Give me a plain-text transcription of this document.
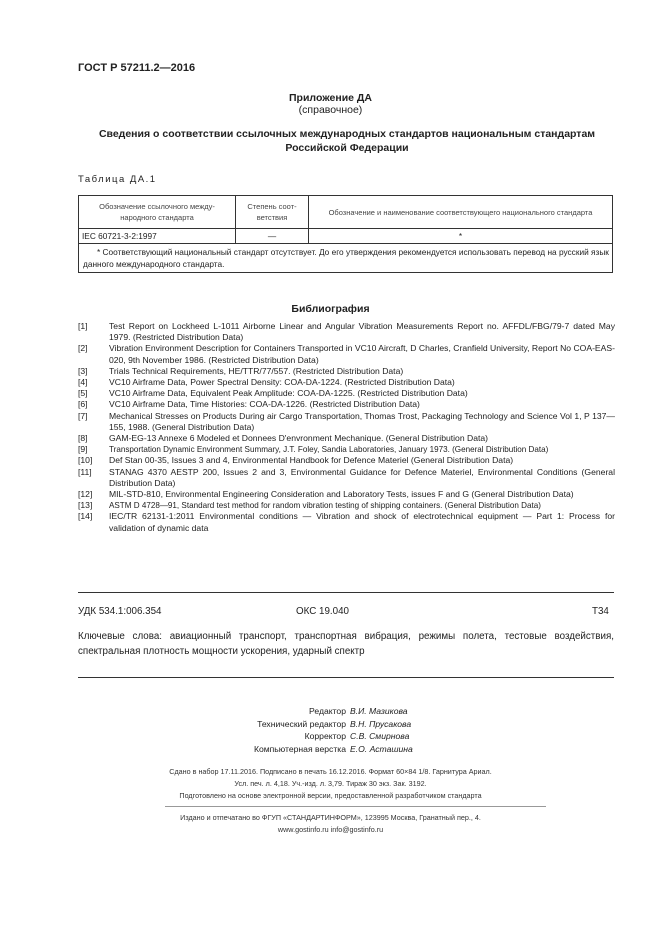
ГОСТ Р 57211.2—2016
Приложение ДА
(справочное)
Сведения о соответствии ссылочных международных стандартов национальным стандартам Российской Федерации
Таблица ДА.1
Обозначение ссылочного между-народного стандарта	Степень соот-ветствия	Обозначение и наименование соответствующего национального стандарта
IEC 60721-3-2:1997	—	*
* Соответствующий национальный стандарт отсутствует. До его утверждения рекомендуется использовать перевод на русский язык данного международного стандарта.		
Библиография
[1]	Test Report on Lockheed L-1011 Airborne Linear and Angular Vibration Measurements Report no. AFFDL/FBG/79-7 dated May 1979. (Restricted Distribution Data)
[2]	Vibration Environment Description for Containers Transported in VC10 Aircraft, D Charles, Cranfield University, Report No COA-EAS-020, 9th November 1986. (Restricted Distribution Data)
[3]	Trials Technical Requirements, HE/TTR/77/557. (Restricted Distribution Data)
[4]	VC10 Airframe Data, Power Spectral Density: COA-DA-1224. (Restricted Distribution Data)
[5]	VC10 Airframe Data, Equivalent Peak Amplitude: COA-DA-1225. (Restricted Distribution Data)
[6]	VC10 Airframe Data, Time Histories: COA-DA-1226. (Restricted Distribution Data)
[7]	Mechanical Stresses on Products During air Cargo Transportation, Thomas Trost, Packaging Technology and Science Vol 1, P 137—155, 1988. (General Distribution Data)
[8]	GAM-EG-13 Annexe 6 Modeled et Donnees D'envronment Mechanique. (General Distribution Data)
[9]	Transportation Dynamic Environment Summary, J.T. Foley, Sandia Laboratories, January 1973. (General Distribution Data)
[10]	Def Stan 00-35, Issues 3 and 4, Environmental Handbook for Defence Materiel (General Distribution Data)
[11]	STANAG 4370 AESTP 200, Issues 2 and 3, Environmental Guidance for Defence Materiel, Environmental Conditions (General Distribution Data)
[12]	MIL-STD-810, Environmental Engineering Consideration and Laboratory Tests, issues F and G (General Distribution Data)
[13]	ASTM D 4728—91, Standard test method for random vibration testing of shipping containers. (General Distribution Data)
[14]	IEC/TR 62131-1:2011 Environmental conditions — Vibration and shock of electrotechnical equipment — Part 1: Process for validation of dynamic data
УДК 534.1:006.354	ОКС 19.040	Т34
Ключевые слова: авиационный транспорт, транспортная вибрация, режимы полета, тестовые воздействия, спектральная плотность мощности ускорения, ударный спектр
Редактор В.И. Мазикова
Технический редактор В.Н. Прусакова
Корректор С.В. Смирнова
Компьютерная верстка Е.О. Асташина
Сдано в набор 17.11.2016. Подписано в печать 16.12.2016. Формат 60×84 1/8. Гарнитура Ариал.
Усл. печ. л. 4,18. Уч.-изд. л. 3,79. Тираж 30 экз. Зак. 3192.
Подготовлено на основе электронной версии, предоставленной разработчиком стандарта
Издано и отпечатано во ФГУП «СТАНДАРТИНФОРМ», 123995 Москва, Гранатный пер., 4.
www.gostinfo.ru info@gostinfo.ru
